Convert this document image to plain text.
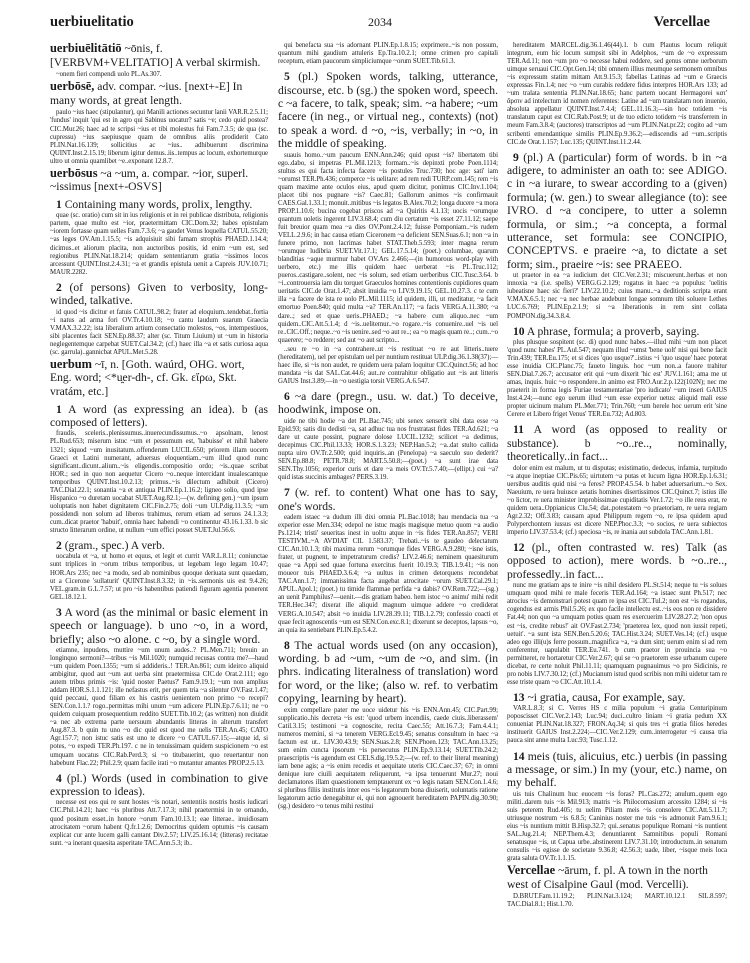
uerbiuelitatio	2034	Vercellae
uerbiuēlitātiō ~ōnis, f. [VERBVM+VELITATIO] A verbal skirmish.
~onem fieri compendi uolo PL.As.307.
uerbōsē, adv. compar. ~ius. [next+-E] In many words, at great length.
paulo ~ius haec (stipulantur), qui Manili actiones secuntur lanii VAR.R.2.5.11; 'fundus' inquit 'qui est in agro qui Sabinus uocatur? satis ~e; cedo quid postea? CIC.Mur.26; haec ad te scripsi ~ius et tibi molestus fui Fam.7.3.5; de qua (sc. cupressu) ~ius saepiusque quam de omnibus aliis prodiderit Cato PLIN.Nat.16.139; sollicitius ac ~ius.. adhibuerunt discrimina QUINT.Inst.2.15.19; liberum igitur demus..iis..tempus ac locum, exhortemurque ultro ut omnia quamlibet ~e..exponant 12.8.7.
uerbōsus ~a ~um, a. compar. ~ior, superl. ~issimus [next+-OSVS]
1 Containing many words, prolix, lengthy.
quae (sc. oratio) cum sit in ius religionis et in rei publicae distributa, religionis partem, quae multo est ~ior, praetermittam CIC.Dom.32; habes epistulam ~iorem fortasse quam uelles Fam.7.3.6; ~a gaudet Venus loquella CATUL.55.20; ~as leges OV.Am.1.15.5; ~is adquisiuit sibi famam strophis PHAED.1.14.4; dicimus..et aliorum placita, non auctoribus positis, id enim ~um est, sed regionibus PLIN.Nat.18.214; quidam sententiarum gratia ~issimos locos arcessunt QUINT.Inst.2.4.31; ~a et grandis epistula uenit a Capreis JUV.10.71; MAUR.2282.
2 (of persons) Given to verbosity, long-winded, talkative.
id quod ~is dicitur et fatuis CATUL.98.2; frater ad eloquium..tendebat..fortia ~i natus ad arma fori OV.Tr.4.10.18; ~o cantu laudum suarum Graecia V.MAX.3.2.22; ista liberalium artium consectatio molestos, ~os, intempestiuos, sibi placentes facit SEN.Ep.88.37; alter (sc. Titum Liuium) ut ~um in historia neglegentemque carpebat SUET.Cal.34.2; (cf.) haec illa ~a et satis curiosa aqua (sc. garrula)..gannicbat APUL.Met.5.28.
uerbum ~ī, n. [Goth. waúrd, OHG. wort, Eng. word; <*u̯er-dh-, cf. Gk. εἴρω, Skt. vratám, etc.]
1 A word (as expressing an idea). b (as composed of letters).
fraudis, sceleris..plenissumus..inuerecundissumus..~o apsolnam, lenost PL.Rud.653; miserum istuc ~um et pessumum est, 'habuisse' et nihil habere 1321; siquod ~um inusitatum..offenderum LUCIL.650; priorem illam uocem Graeci et Latini numerant, aduersus eloquentiam..~um illud quod nunc significant..dicunt..alium..~is eligendis..compositio ordo; ~is..quae scribat HOR.; sed in quo non aequetur Cicero ~o..neque intercidant inualescantque temporibus QUINT.Inst.10.2.13; primus..~is dilectum adhibuit (Cicero) TAC.Dial.22.1; sonantia ~a et antiqua PLIN.Ep.1.16.2; ligneo solio, quod ipse Hispanico ~o duretam uocabat SUET.Aug.82.1;—(w. defining gen.) ~um ipsum uoluptatis non habet dignitatem CIC.Fin.2.75; doli ~um ULP.dig.11.3.5; ~um possidendi non solum ad liberos trahimus, rerum etiam ad seruos 24.1.3.3; cum..dicat praetor 'habuit', omnia haec habendi ~o continentur 43.16.1.33. b sic structo litterarum ordine, ut nullum ~um effici posset SUET.Jul.56.6.
2 (gram., spec.) A verb.
uocabula et ~a, ut homo et equus, et legit et currit VAR.L.8.11; coniunctae sunt triplices in ~orum tribus temporibus, ut legebam lego legam 10.47; HOR.Ars 235; nec ~a modo, sed ab nominibus quoque deriuata sunt quaedam, ut a Cicerone 'sullaturit' QUINT.Inst.8.3.32; in ~is..sermonis uis est 9.4.26; VEL.gram.in G.L.7.57; ut pro ~is habentibus patiendi figuram agentia ponerent GEL.18.12.1.
3 A word (as the minimal or basic element in speech or language). b uno ~o, in a word, briefly; also ~o alone. c ~o, by a single word.
etiamne, inpudens, muttire ~um unum audes..? PL.Men.711; breuin an longinquo sermoni?—tribus ~is Mil.1020; numquid recusas contra me?—haud ~um quidem Poen.1355; ~um si addideris..! TER.An.861; cum ideirco aliquid ambigitur, quod aut ~um aut uerba sint praetermissa CIC.de Orat.2.111; ego autem tribus primis ~is: 'quid noster Paetus?' Fam.9.19.1; ~um non amplius addam HOR.S.1.1.121; ille nefastus erit, per quem tria ~a silentur OV.Fast.1.47; quid peccaui, quod filiam ex his castris uenientem non primo ~o recepi? SEN.Con.1.1.? rogo..permittas mihi unum ~um adicere PLIN.Ep.7.6.11; ne ~o quidem cuiquam prosequentium reddito SUET.Tib.10.2; (as written) non diuidit ~a nec ab extrema parte uersuum abundantis litteras in alterum transfert Aug.87.3. b quin tu uno ~o dic quid est quod me uelis TER.An.45; CATO Agr.157.7; non istuc satis est uno te dicere ~o CATUL.67.15;—atque id, si potes, ~o expedi TER.Ph.197. c ne in tenuissimam quidem suspicionem ~o est umquam uocatus CIC.Rab.Perd.3; si ~o titubauerint, quo reuertantur non habebunt Flac.22; Phil.2.9; quam facile irati ~o mutantur amantes PROP.2.5.13.
4 (pl.) Words (used in combination to give expression to ideas).
necesse est eos qui re sunt hostes ~is notari, sententiis nostris hostis iudicari CIC.Phil.14.21; haec ~is pluribus Att.7.17.3; nihil praetermisi in te ornando, quod positum esset..in honore ~orum Fam.10.13.1; eae litterae.. inuidiosam atrocitatem ~orum habent Q.fr.1.2.6; Democritus quidem optumis ~is causam explicat cur ante lucem galli cantant Div.2.57; LIV.25.16.14; (litteras) recitatae sunt. ~a inerant quaesita asperitate TAC.Ann.5.3; ib..
qui benefacta sua ~is adornant PLIN.Ep.1.8.15; exprimere..~is non possum, quantum mihi gaudium attuleris Ep.Tra.10.2.1; omne crimen pro capitali receptum, etiam paucorum simpliciumque ~orum SUET.Tib.61.3.
5 (pl.) Spoken words, talking, utterance, discourse, etc. b (sg.) the spoken word, speech. c ~a facere, to talk, speak; sim. ~a habere; ~um facere (in neg., or virtual neg., contexts) (not) to speak a word. d ~o, ~is, verbally; in ~o, in the middle of speaking.
suauis homo..~um paucum ENN.Ann.246; quid opust ~is? libertatem tibi ego..dabo, si impetras PL.Mil.1213; formam..~is depinxti probe Poen.1114; stultus es qui facta infecta facere ~is postules Truc.730; hoc age: sati' iam ~orumst TER.Ph.436; comperce ~is uelitare: ad rem redi TURP.com.145; rem ~is quam maxime ante oculos eius, apud quem dicitur, ponimus CIC.Inv.1.104; placet tibi nos pugnare ~is? Caec.81; Gallorum animos ~is confirmauit CAES.Gal.1.33.1; monuit..mitibus ~is legatos B.Alex.70.2; longa ducere ~a mora PROP.1.10.6; bucina cogebat priscos ad ~a Quiritis 4.1.13; uocis ~orumque quantum uoletis ingerent LIV.3.68.4; cum diu certatum ~is esset 27.11.12; saepe fuit breuior quam mea ~a dies OV.Pont.2.4.12; fuisse Pomponiam..~is rudem VELL.2.9.6; in hac causa etiam Ciceronem ~a deficient SEN.Suas.6.1; non ~a in funere primo, non lacrimas habet STAT.Theb.5.593; inter magna rerum ~orumque ludibria SUET.Vit.17.1; GEL.17.5.14; (poet.) columbae, quarum blanditias ~aque murmur habet OV.Ars 2.466;—(in humorous word-play with uerbero, etc.) me illis quidem haec uerberat ~is PL.Truc.112; pueros..castigare..solent, nec ~is solum, sed etiam uerberibus CIC.Tusc.3.64. b ~i..controuersia iam diu torquet Graeculos homines contentionis cupidiores quam ueritatis CIC.de Orat.1.47; absit inuidia ~o LIV.9.19.15; GEL.10.27.3. c te cum illa ~a facere de ista re uolo PL.Mil.1115; id quidem, illi, ut meditatur, ~a facit emortuo Poen.840; quid multa ~a? TER.An.117; ~a facis VERG.A.11.380; ~a dare..; sed et quae ueris..PHAED.; ~a habere cum aliquo..nec ~um quidem..CIC.Att.5.1.4; d ~is..uelitemur..~o rogare..~is conuenire..uel ~is uel re..CIC.Off.; neque..~o ~is uenire..sed ~o aut re..; ea ~o magis quam re..; cum..~o quaerere; ~o reddere; sed aut ~o aut scripto...
..seu re ~o in ~a contrahere..ut ~is restituat ~o re aut litteris..tuere (hereditatem), uel per epistulam uel per nuntium restituat ULP.dig.36.1.38(37);—haec ille, si ~is non audet, re quidem uera palam loquitur CIC.Quinct.56; ad hoc mandata ~is dat SAL.Cat.44.6; aut..re contrahitur obligatio aut ~is aut litteris GAIUS Inst.3.89;—in ~o uestigia torsit VERG.A.6.547.
6 ~a dare (pregn., usu. w. dat.) To deceive, hoodwink, impose on.
uide ne tibi hodie ~a det PL.Bac.745; ubi senex senserit sibi data esse ~a Epid.93; satis diu dedisti ~a, sat adhuc tua nos frustratast fides TER.Ad.621; ~a dare ut caute possint, pugnare dolose LUCIL.1232; scilicet ~a dedimus, decepimus CIC.Phil.13.33; HOR.S.1.3.23; NEP.Han.5.2; ~a..dat stulto callida nupta uiro OV.Tr.2.500; quid inquiris..an (Penelopa) ~a saeculo suo dederit? SEN.Ep.88.8; PETR.78.8; MART.5.50.8;—(poet.) ~a sunt irae data SEN.Thy.1056; experior curis et dare ~a meis OV.Tr.5.7.40;—(ellipt.) cui ~a? quid istas succinis ambages? PERS.3.19.
7 (w. ref. to content) What one has to say, one's words.
eadem istaec ~a dudum illi dixi omnia PL.Bac.1018; hau mendacia tua ~a experior esse Men.334; edepol ne istuc magis magisque metuo quom ~a audio Ps.1214; tristi' seueritas inest in uoltu atque in ~is fides TER.An.857; VERI TESTIVM..~A AVDIAT CIL 1.583.37; Trebati..~is te gaudeo delectatum CIC.Att.10.1.3; tibi maxima rerum ~orumque fides VERG.A.9.280; ~isne istis, frater, ut pugnent, te impetraturum credis? LIV.2.46.6; neminem quaesiturum quae ~a Appi sed quae fortuna exercitus fuerit 10.19.3; TIB.1.9.41; ~is non moueor tuis PHAED.3.6.4; ~a uultus in crimen detorquens recondebat TAC.Ann.1.7; immanissima facta augebat atrocitate ~orum SUET.Cal.29.1; APUL.Apol.1; (poet.) tu timide flammae perfida ~a dabis? OV.Rem.722;—(sg.) an uenit Pamphilus?—uenit.—dis gratiam habeo. hem istoc ~o animu' mihi redit TER.Hec.347; dixerat ille aliquid magnum uimque addere ~o crediderat VERG.A.10.547; absit ~o inuidia LIV.28.39.11; TIB.1.2.79; confessio coacti et quae fecit agnoscentis ~um est SEN.Con.exc.8.1; dixerunt se deceptos, lapsus ~o, an quia ita sentiebant PLIN.Ep.5.4.2.
8 The actual words used (on any occasion), wording. b ad ~um, ~um de ~o, and sim. (in phrs. indicating literalness of translation) word for word, or the like; (also w. ref. to verbatim copying, learning by heart).
exim compellare pater me uoce uidetur his ~is ENN.Ann.45; CIC.Part.99; supplicatio..his decreta ~is est: 'quod urbem incendiis, caede ciuis..liberassem' Catil.3.15; testimoni ~a cognoscite, recita Caec.55; Att.16.7.3; Fam.4.4.1; numeros memini, si ~a tenerem VERG.Ecl.9.45; senatus consultum in haec ~a factum est ut.. LIV.30.43.9; SEN.Suas.2.8; SEN.Phoen.123; TAC.Ann.13.25; sum enim cuncta ipsorum ~is persecutus PLIN.Ep.9.13.14; SUET.Tib.24.2; praescriptis ~is agendum est CELS.dig.19.5.2;—(w. ref. to their literal meaning) iam bene agis; a ~is enim recedis et aequitate uteris CIC.Caec.37; 67; in omni denique iure ciuili aequitatem reliquerunt, ~a ipsa tenuerunt Mur.27; noui declamatores illam quaestionem temptauerunt ex ~o legis natam SEN.Con.1.4.6; si pluribus filiis institutis inter eos ~is legatorum bona diuiserit, uoluntatis ratione legatorum actio denegabitur ei, qui non agnouerit hereditatem PAPIN.dig.30.90; (sg.) desidero ~o tenus mihi restitui
hereditatem MARCEL.dig.36.1.46(44).1. b cum Plautus locum reliquit integrum, eum hic locum sumpsit sibi in Adelphos, ~um de ~o expressum TER.Ad.11; non ~um pro ~o necesse habui reddere, sed genus omne uerborum uimque seruaui CIC.Opt.Gen.14; tibi omnem illius meumque sermonem omnibus ~is expressum statim mittam Att.9.15.3; fabellas Latinas ad ~um e Graecis expressas Fin.1.4; nec ~o ~um curabis reddere fidus interpres HOR.Ars 133; ad ~um tralata sententia PLIN.Nat.18.65; hanc partem uocant Hermagorei κατ' ἄρσιν ad intelectum id nomen referentes: Latine ad ~um translatam non inuenio, absoluta appellatur QUINT.Inst.7.4.4; GEL.11.16.3;—sin hoc totidem ~is translatum caput est CIC.Rab.Post.9; ut de tuo edicto totidem ~is transferrem in meum Fam.3.8.4; (auctores) transcriptos ad ~um PLIN.Nat.pr.22; cogito ad ~um scribenti emendantique similis PLIN.Ep.9.36.2;—ediscendis ad ~um..scriptis CIC.de Orat.1.157; Luc.135; QUINT.Inst.11.2.44.
9 (pl.) A (particular) form of words. b in ~a adigere, to administer an oath to: see ADIGO. c in ~a iurare, to swear according to a (given) formula; (w. gen.) to swear allegiance (to): see IVRO. d ~a concipere, to utter a solemn formula, or sim.; ~a concepta, a formal utterance, set formula: see CONCIPIO, CONCEPTVS. e praeire ~a, to dictate a set form; sim., praeire ~is: see PRAEEO.
ut praetor in ea ~a iudicium det CIC.Ver.2.31; miscuerunt..herbas et non innoxia ~a (i.e. spells) VERG.G.2.129; rogatus in haec ~a populus: 'uelitis iubeatisne haec sic fieri?' LIV.22.10.2; cuius manu..~a deditionis scripta erant V.MAX.6.5.1; nec ~a nec herbae audebunt longae somnum tibi soluere Lethes LUC.6.769; PLIN.Ep.2.1.9; si ~a liberationis in rem sint collata POMPON.dig.34.3.8.4.
10 A phrase, formula; a proverb, saying.
plus plusque sospitent (sc. di) quod nunc habes.—illud mihi ~um non placet 'quod nunc habes' PL.Aul.547; nequam illud ~umst 'bene uolt' nisi qui bene facit Trin.439; TER.Eu.175; et si dices 'quo usque?'..istius ~i 'quo usque' haec poterat esse inuidia CIC.Planc.75; faueto linguis. hoc ~um non..a fauore trahitur SEN.Dial.7.26.7; accusator erit qui ~um dixerit 'hic est' JUV.1.161; ama me ut amas, inquis. huic ~o respondere..in animo est FRO.Aur.2.p.122(102N); nec me praeterit in forma legis Furiae testamentariae 'pro iudicato' ~um inseri GAIUS Inst.4.24;—nunc ego uerum illud ~um esse experior uetus: aliquid mali esse propter uicinum malum PL.Mer.771; Trin.760; ~um herele hoc uerum erit 'sine Cerere et Libero friget Venus' TER.Eu.732; Ad.803.
11 A word (as opposed to reality or substance). b ~o..re.., nominally, theoretically..in fact...
dolor enim est malum, ut tu disputas; existimatio, dedecus, infamia, turpitudo ~a atque ineptiae CIC.Pis.65; uirtutem ~a putas et lucum ligna HOR.Ep.1.6.31; uersibus auditis quid nisi ~a feres? PROP.4.5.54. b habet aduersarium..~o Sex. Naeuium, re uera huiusce aetatis homines disertissimos CIC.Quinct.7; istius ille ~o lictor, re uera minister improbissimae cupiditatis Ver.1.72; ~o ille reus erat, re quidem uera..Oppianicus Clu.54; dat..potestatem ~o praetoriam, re uera regiam Agr.2.32; Off.3.83; causam apud Philippum regem ~o, re ipsa quidem apud Polyperchontem iussus est dicere NEP.Phoc.3.3; ~o socios, re uera subiectos imperio LIV.37.53.4; (cf.) speciosa ~is, re inania aut subdola TAC.Ann.1.81.
12 (pl., often contrasted w. res) Talk (as opposed to action), mere words. b ~o..re.., professedly..in fact...
nunc me gratiam aps te inire ~is nihil desidero PL.St.514; neque tu ~is solues umquam quod mihi re male feceris TER.Ad.164; ~a istaec sunt Ph.517; nec atrocius ~is demonstrari potest quam re ipsa est CIC.Tul.2; non est ~is rogandus, cogendus est armis Phil.5.26; ex quo facile intellectu est..~is eos non re dissidere Fat.44; non quo ~a umquam potius quam res exercuerim LIV.28.27.2; 'non opus est ~is, credite rebus!' ait OV.Fast.2.734; 'praeterea lex, quod non iussit repeti, uetuit'. ~a sunt ista SEN.Ben.5.20.6; TAC.Hist.3.24; SUET.Ves.14; (cf.) usque adeo ego illi(u)s ferre possum..magnifica ~a, ~a dum sint; uerum enim si ad rem conferentur, uapulabit TER.Eu.741. b cum praetor in prouincia sua ~o permitteret, re hortaretur CIC.Ver.2.67; qui se ~o praetorem esse urbanum cupere dicebat, re certe noluit Phil.11.11; quamquam pugnauimus ~o pro Sidicinis, re pro nobis LIV.7.30.12; (cf.) Mucianum istud quod scribis non mihi uidetur tam re esse triste quam ~o CIC.Att.10.1.4.
13 ~i gratia, causa, For example, say.
VAR.L.8.3; si C. Verres HS c milia populum ~i gratia Centuripinum poposcisset CIC.Ver.2.143; Luc.94; duci..cultro liniam ~i gratia pedum XX conueniat PLIN.Nat.18.327; FRON.Aq.34; si quis tres ~i gratia filios heredes instituerit GAIUS Inst.2.224;—CIC.Ver.2.129; cum..interrogetur ~i causa tria pauca sint anne multa Luc.93; Tusc.1.12.
14 meis (tuis, alicuius, etc.) uerbis (in passing a message, or sim.) In my (your, etc.) name, on my behalf.
uis tuis Chalinum huc euocem ~is foras? PL.Cas.272; anulum..quem ego militi..darem tuis ~is Mil.913; matris ~is Philocomasium arcessito 1284; si ~is suis peterem Rud.405; tu uelim Piliam meis ~is consolere CIC.Att.5.11.7; utriusque nostrum ~is 6.8.5; Caninius noster me tuis ~is admonuit Fam.9.6.1; eius ~is nuntium mittit B.Hisp.32.7; qui..senatus populique Romani ~is nuntient SAL.Jug.21.4; NEP.Them.4.3; denuntiarent Samnitibus populi Romani senatusque ~is, ut Capua urbe..abstinerent LIV.7.31.10; introductum..in senatum consulis ~is egisse de societate 9.36.8; 42.56.3; uade, liber, ~isque meis loca grata saluta OV.Tr.1.1.15.
Vercellae ~ārum, f. pl. A town in the north west of Cisalpine Gaul (mod. Vercelli).
D.BRUT.Fam.11.19.2; PLIN.Nat.3.124; MART.10.12.1 SIL.8.597; TAC.Dial.8.1; Hist.1.70.
